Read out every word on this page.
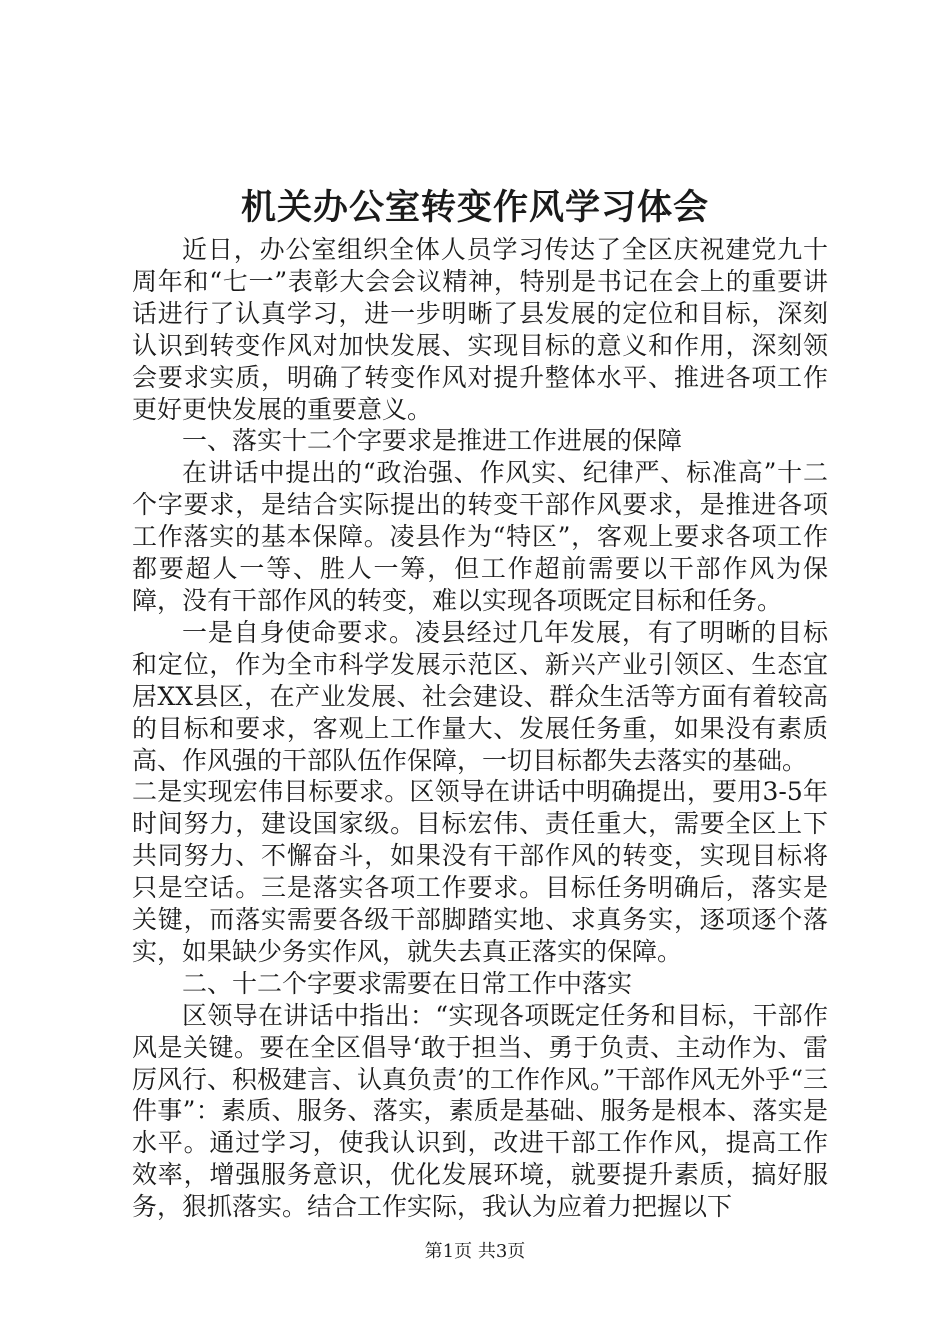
机关办公室转变作风学习体会

近日，办公室组织全体人员学习传达了全区庆祝建党九十周年和“七一”表彰大会会议精神，特别是书记在会上的重要讲话进行了认真学习，进一步明晰了县发展的定位和目标，深刻认识到转变作风对加快发展、实现目标的意义和作用，深刻领会要求实质，明确了转变作风对提升整体水平、推进各项工作更好更快发展的重要意义。

一、落实十二个字要求是推进工作进展的保障

在讲话中提出的“政治强、作风实、纪律严、标准高”十二个字要求，是结合实际提出的转变干部作风要求，是推进各项工作落实的基本保障。凌县作为“特区”，客观上要求各项工作都要超人一等、胜人一筹，但工作超前需要以干部作风为保障，没有干部作风的转变，难以实现各项既定目标和任务。

一是自身使命要求。凌县经过几年发展，有了明晰的目标和定位，作为全市科学发展示范区、新兴产业引领区、生态宜居XX县区，在产业发展、社会建设、群众生活等方面有着较高的目标和要求，客观上工作量大、发展任务重，如果没有素质高、作风强的干部队伍作保障，一切目标都失去落实的基础。

二是实现宏伟目标要求。区领导在讲话中明确提出，要用3-5年时间努力，建设国家级。目标宏伟、责任重大，需要全区上下共同努力、不懈奋斗，如果没有干部作风的转变，实现目标将只是空话。三是落实各项工作要求。目标任务明确后，落实是关键，而落实需要各级干部脚踏实地、求真务实，逐项逐个落实，如果缺少务实作风，就失去真正落实的保障。

二、十二个字要求需要在日常工作中落实

区领导在讲话中指出：“实现各项既定任务和目标，干部作风是关键。要在全区倡导‘敢于担当、勇于负责、主动作为、雷厉风行、积极建言、认真负责’的工作作风。”干部作风无外乎“三件事”：素质、服务、落实，素质是基础、服务是根本、落实是水平。通过学习，使我认识到，改进干部工作作风，提高工作效率，增强服务意识，优化发展环境，就要提升素质，搞好服务，狠抓落实。结合工作实际，我认为应着力把握以下

第1页 共3页
